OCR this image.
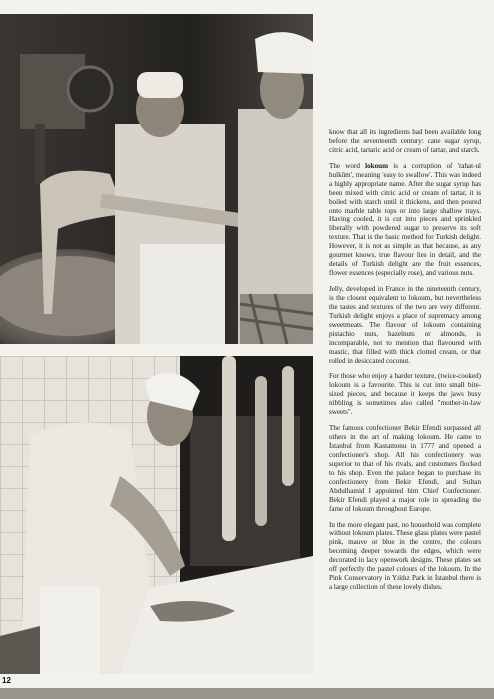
know that all its ingredients had been available long before the seventeenth century: cane sugar syrup, citric acid, tartaric acid or cream of tartar, and starch.

The word lokoum is a corruption of 'rahat-ul hulkûm', meaning 'easy to swallow'. This was indeed a highly appropriate name. After the sugar syrup has been mixed with citric acid or cream of tartar, it is boiled with starch until it thickens, and then poured onto marble table tops or into large shallow trays. Having cooled, it is cut into pieces and sprinkled liberally with powdered sugar to preserve its soft texture. That is the basic method for Turkish delight. However, it is not as simple as that because, as any gourmet knows, true flavour lies in detail, and the details of Turkish delight are the fruit essences, flower essences (especially rose), and various nuts.

Jelly, developed in France in the nineteenth century, is the closest equivalent to lokoum, but nevertheless the tastes and textures of the two are very different. Turkish delight enjoys a place of supremacy among sweetmeats. The flavour of lokoum containing pistachio nuts, hazelnuts or almonds, is incomparable, not to mention that flavoured with mastic, that filled with thick clotted cream, or that rolled in desiccated coconut.

For those who enjoy a harder texture, (twice-cooked) lokoum is a favourite. This is cut into small bite-sized pieces, and because it keeps the jaws busy nibbling is sometimes also called "mother-in-law sweets".

The famous confectioner Bekir Efendi surpassed all others in the art of making lokoum. He came to İstanbul from Kastamonu in 1777 and opened a confectioner's shop. All his confectionery was superior to that of his rivals, and customers flocked to his shop. Even the palace began to purchase its confectionery from Bekir Efendi, and Sultan Abdulhamid I appointed him Chief Confectioner. Bekir Efendi played a major role in spreading the fame of lokoum throughout Europe.

In the more elegant past, no household was complete without lokoum plates. These glass plates were pastel pink, mauve or blue in the centre, the colours becoming deeper towards the edges, which were decorated in lacy openwork designs. These plates set off perfectly the pastel colours of the lokoum. In the Pink Conservatory in Yıldız Park in İstanbul there is a large collection of these lovely dishes.

12
